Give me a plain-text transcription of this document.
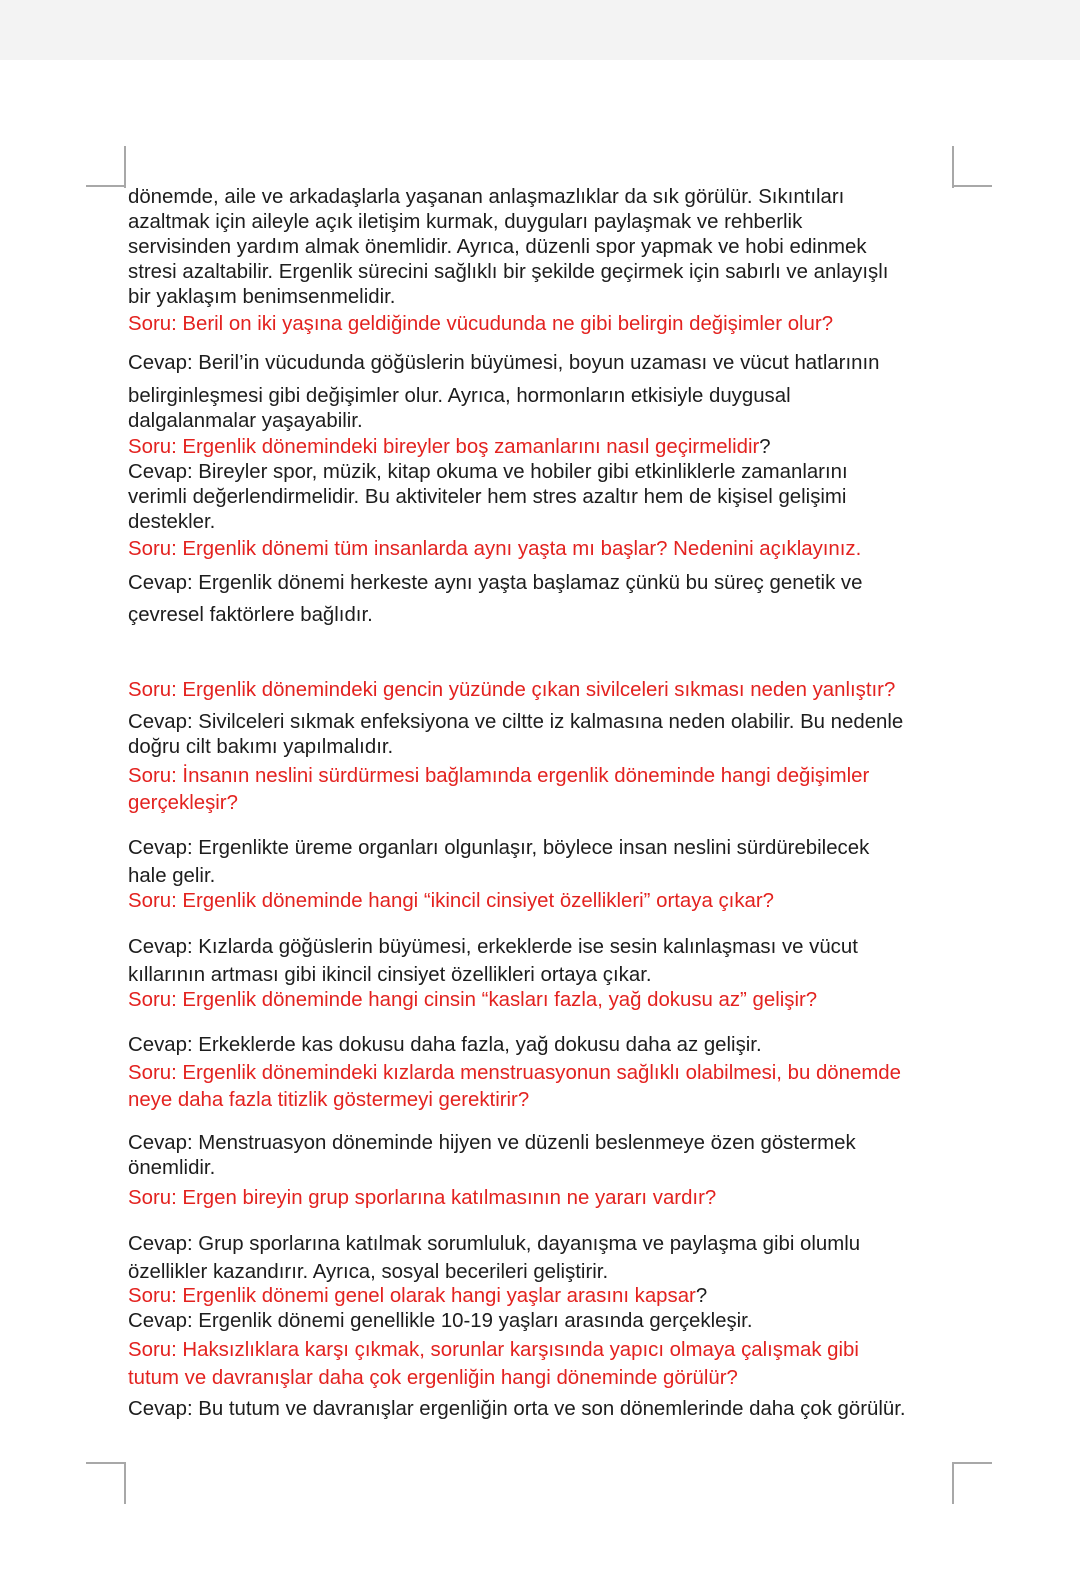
dönemde, aile ve arkadaşlarla yaşanan anlaşmazlıklar da sık görülür. Sıkıntıları
azaltmak için aileyle açık iletişim kurmak, duyguları paylaşmak ve rehberlik
servisinden yardım almak önemlidir. Ayrıca, düzenli spor yapmak ve hobi edinmek
stresi azaltabilir. Ergenlik sürecini sağlıklı bir şekilde geçirmek için sabırlı ve anlayışlı
bir yaklaşım benimsenmelidir.

Soru: Beril on iki yaşına geldiğinde vücudunda ne gibi belirgin değişimler olur?

Cevap: Beril’in vücudunda göğüslerin büyümesi, boyun uzaması ve vücut hatlarının

belirginleşmesi gibi değişimler olur. Ayrıca, hormonların etkisiyle duygusal
dalgalanmalar yaşayabilir.

Soru: Ergenlik dönemindeki bireyler boş zamanlarını nasıl geçirmelidir?

Cevap: Bireyler spor, müzik, kitap okuma ve hobiler gibi etkinliklerle zamanlarını
verimli değerlendirmelidir. Bu aktiviteler hem stres azaltır hem de kişisel gelişimi
destekler.

Soru: Ergenlik dönemi tüm insanlarda aynı yaşta mı başlar? Nedenini açıklayınız.

Cevap: Ergenlik dönemi herkeste aynı yaşta başlamaz çünkü bu süreç genetik ve

çevresel faktörlere bağlıdır.

Soru: Ergenlik dönemindeki gencin yüzünde çıkan sivilceleri sıkması neden yanlıştır?

Cevap: Sivilceleri sıkmak enfeksiyona ve ciltte iz kalmasına neden olabilir. Bu nedenle
doğru cilt bakımı yapılmalıdır.

Soru: İnsanın neslini sürdürmesi bağlamında ergenlik döneminde hangi değişimler
gerçekleşir?

Cevap: Ergenlikte üreme organları olgunlaşır, böylece insan neslini sürdürebilecek
hale gelir.

Soru: Ergenlik döneminde hangi “ikincil cinsiyet özellikleri” ortaya çıkar?

Cevap: Kızlarda göğüslerin büyümesi, erkeklerde ise sesin kalınlaşması ve vücut
kıllarının artması gibi ikincil cinsiyet özellikleri ortaya çıkar.

Soru: Ergenlik döneminde hangi cinsin “kasları fazla, yağ dokusu az” gelişir?

Cevap: Erkeklerde kas dokusu daha fazla, yağ dokusu daha az gelişir.

Soru: Ergenlik dönemindeki kızlarda menstruasyonun sağlıklı olabilmesi, bu dönemde
neye daha fazla titizlik göstermeyi gerektirir?

Cevap: Menstruasyon döneminde hijyen ve düzenli beslenmeye özen göstermek
önemlidir.

Soru: Ergen bireyin grup sporlarına katılmasının ne yararı vardır?

Cevap: Grup sporlarına katılmak sorumluluk, dayanışma ve paylaşma gibi olumlu
özellikler kazandırır. Ayrıca, sosyal becerileri geliştirir.

Soru: Ergenlik dönemi genel olarak hangi yaşlar arasını kapsar?

Cevap: Ergenlik dönemi genellikle 10-19 yaşları arasında gerçekleşir.

Soru: Haksızlıklara karşı çıkmak, sorunlar karşısında yapıcı olmaya çalışmak gibi
tutum ve davranışlar daha çok ergenliğin hangi döneminde görülür?

Cevap: Bu tutum ve davranışlar ergenliğin orta ve son dönemlerinde daha çok görülür.
